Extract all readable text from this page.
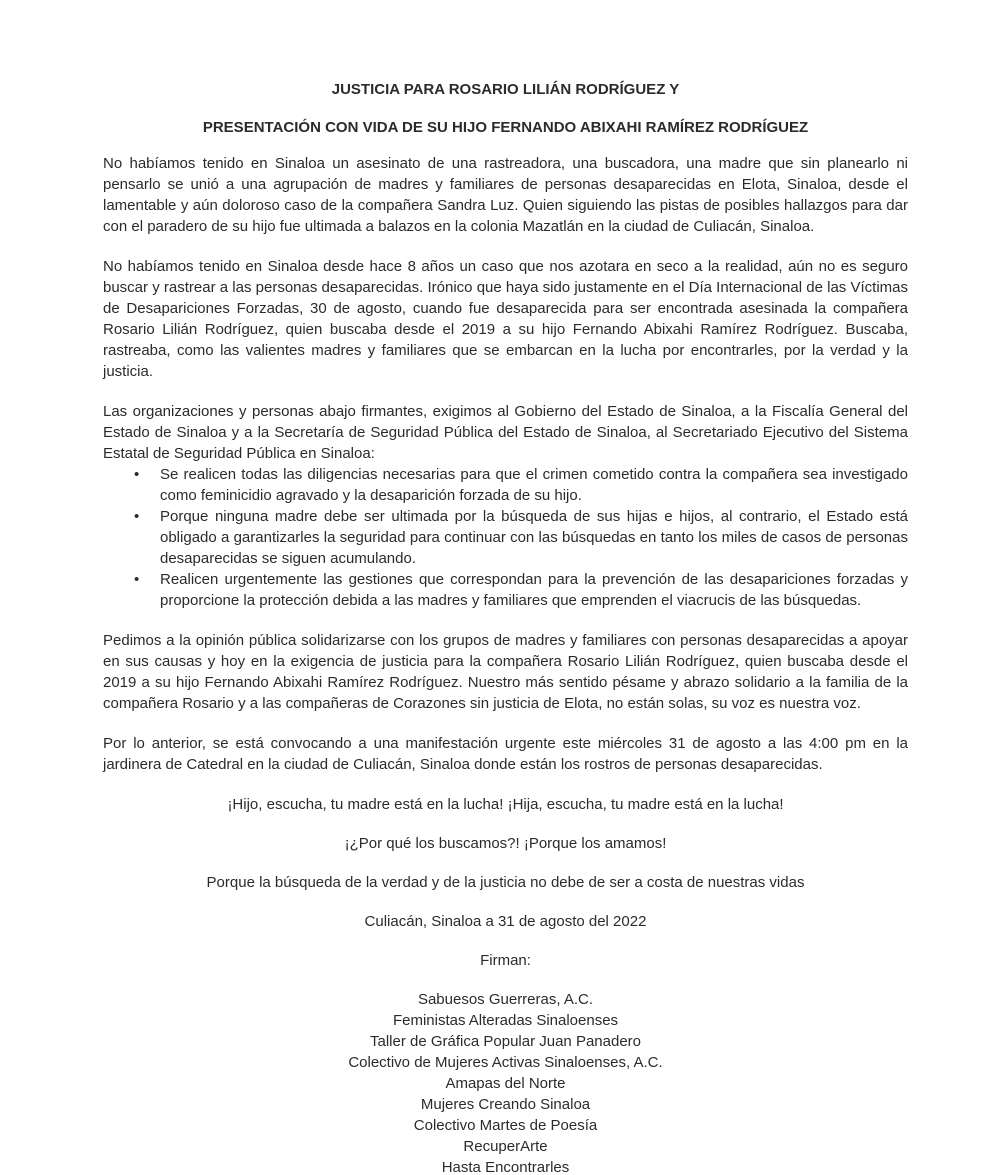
JUSTICIA PARA ROSARIO LILIÁN RODRÍGUEZ Y
PRESENTACIÓN CON VIDA DE SU HIJO FERNANDO ABIXAHI RAMÍREZ RODRÍGUEZ

No habíamos tenido en Sinaloa un asesinato de una rastreadora, una buscadora, una madre que sin planearlo ni pensarlo se unió a una agrupación de madres y familiares de personas desaparecidas en Elota, Sinaloa, desde el lamentable y aún doloroso caso de la compañera Sandra Luz. Quien siguiendo las pistas de posibles hallazgos para dar con el paradero de su hijo fue ultimada a balazos en la colonia Mazatlán en la ciudad de Culiacán, Sinaloa.

No habíamos tenido en Sinaloa desde hace 8 años un caso que nos azotara en seco a la realidad, aún no es seguro buscar y rastrear a las personas desaparecidas. Irónico que haya sido justamente en el Día Internacional de las Víctimas de Desapariciones Forzadas, 30 de agosto, cuando fue desaparecida para ser encontrada asesinada la compañera Rosario Lilián Rodríguez, quien buscaba desde el 2019 a su hijo Fernando Abixahi Ramírez Rodríguez. Buscaba, rastreaba, como las valientes madres y familiares que se embarcan en la lucha por encontrarles, por la verdad y la justicia.

Las organizaciones y personas abajo firmantes, exigimos al Gobierno del Estado de Sinaloa, a la Fiscalía General del Estado de Sinaloa y a la Secretaría de Seguridad Pública del Estado de Sinaloa, al Secretariado Ejecutivo del Sistema Estatal de Seguridad Pública en Sinaloa:

• Se realicen todas las diligencias necesarias para que el crimen cometido contra la compañera sea investigado como feminicidio agravado y la desaparición forzada de su hijo.
• Porque ninguna madre debe ser ultimada por la búsqueda de sus hijas e hijos, al contrario, el Estado está obligado a garantizarles la seguridad para continuar con las búsquedas en tanto los miles de casos de personas desaparecidas se siguen acumulando.
• Realicen urgentemente las gestiones que correspondan para la prevención de las desapariciones forzadas y proporcione la protección debida a las madres y familiares que emprenden el viacrucis de las búsquedas.

Pedimos a la opinión pública solidarizarse con los grupos de madres y familiares con personas desaparecidas a apoyar en sus causas y hoy en la exigencia de justicia para la compañera Rosario Lilián Rodríguez, quien buscaba desde el 2019 a su hijo Fernando Abixahi Ramírez Rodríguez. Nuestro más sentido pésame y abrazo solidario a la familia de la compañera Rosario y a las compañeras de Corazones sin justicia de Elota, no están solas, su voz es nuestra voz.

Por lo anterior, se está convocando a una manifestación urgente este miércoles 31 de agosto a las 4:00 pm en la jardinera de Catedral en la ciudad de Culiacán, Sinaloa donde están los rostros de personas desaparecidas.

¡Hijo, escucha, tu madre está en la lucha! ¡Hija, escucha, tu madre está en la lucha!

¡¿Por qué los buscamos?! ¡Porque los amamos!

Porque la búsqueda de la verdad y de la justicia no debe de ser a costa de nuestras vidas

Culiacán, Sinaloa a 31 de agosto del 2022

Firman:

Sabuesos Guerreras, A.C.
Feministas Alteradas Sinaloenses
Taller de Gráfica Popular Juan Panadero
Colectivo de Mujeres Activas Sinaloenses, A.C.
Amapas del Norte
Mujeres Creando Sinaloa
Colectivo Martes de Poesía
RecuperArte
Hasta Encontrarles
